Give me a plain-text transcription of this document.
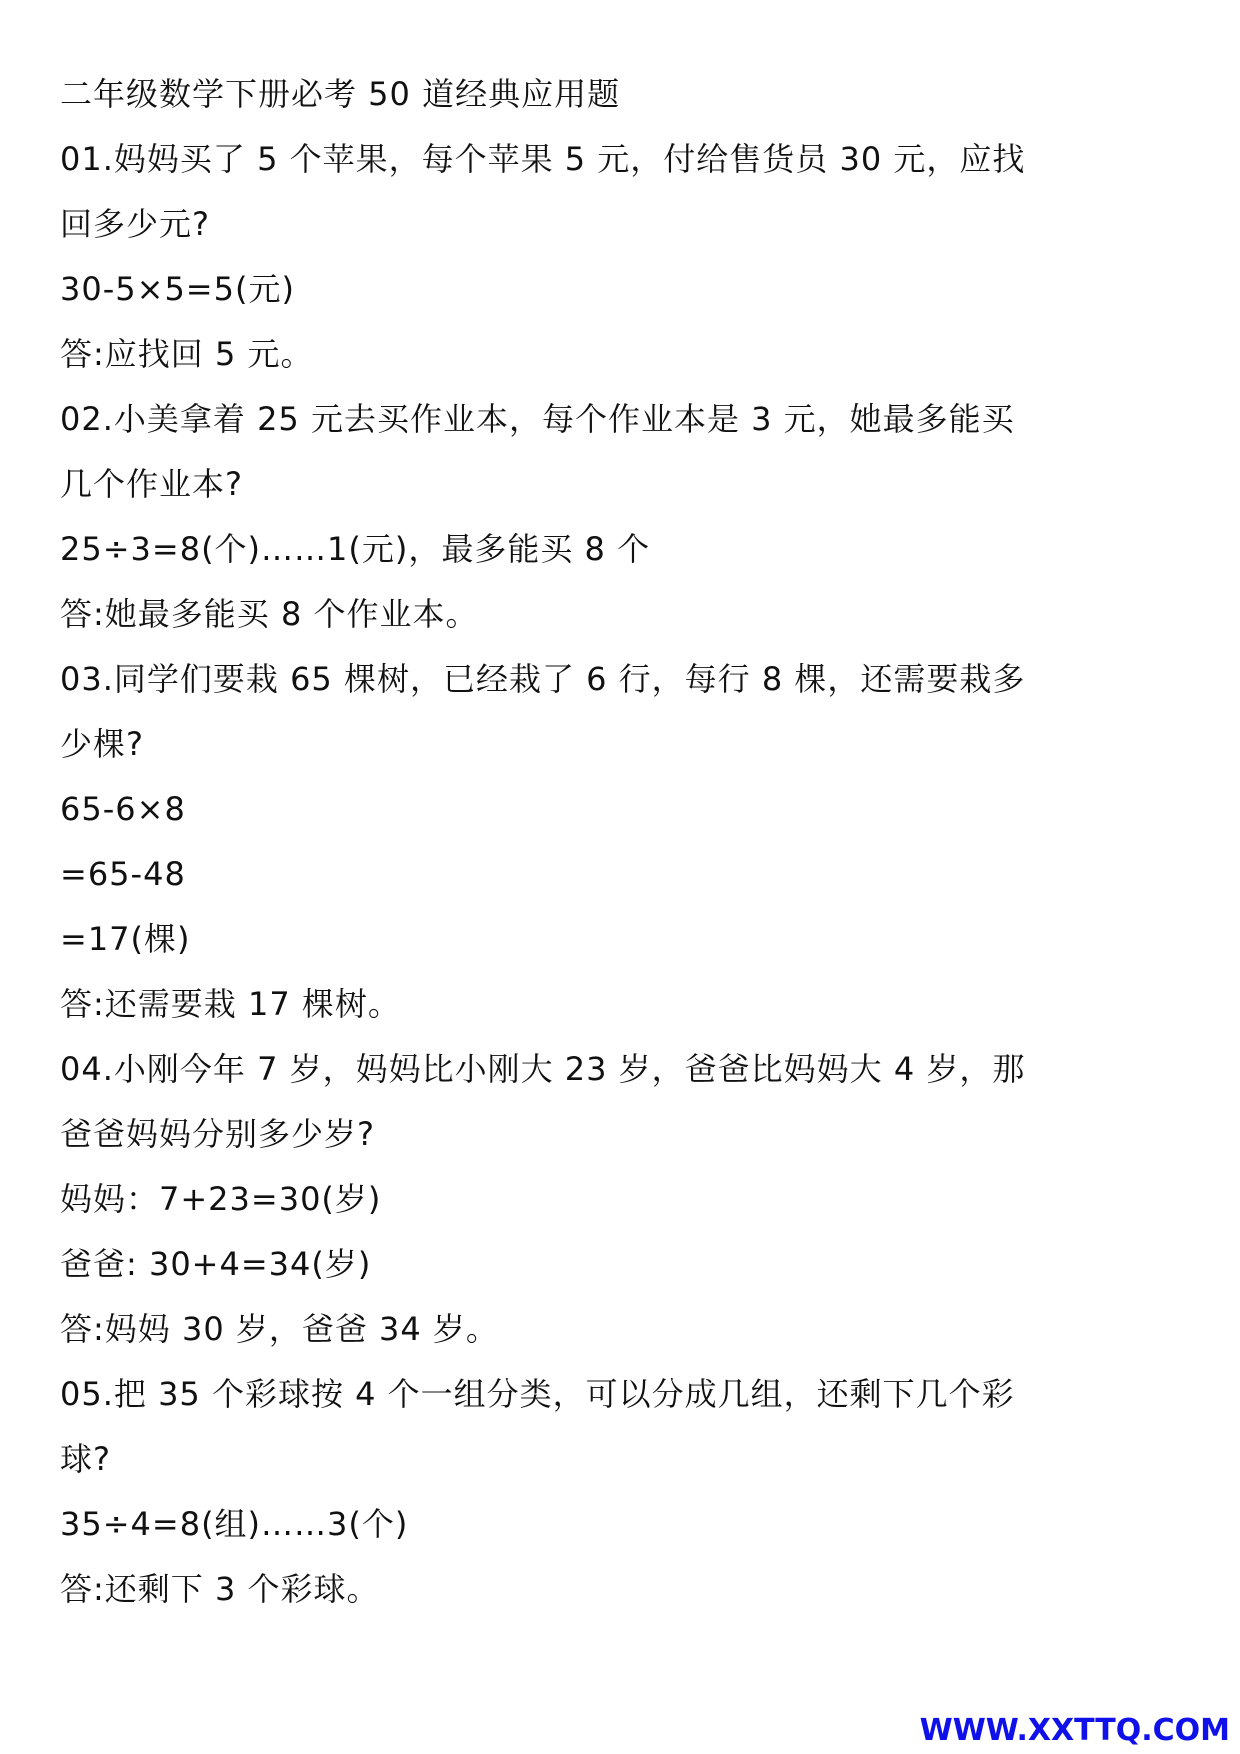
二年级数学下册必考 50 道经典应用题
01.妈妈买了 5 个苹果，每个苹果 5 元，付给售货员 30 元，应找
回多少元?
30-5×5=5(元)
答:应找回 5 元。
02.小美拿着 25 元去买作业本，每个作业本是 3 元，她最多能买
几个作业本?
25÷3=8(个)……1(元)，最多能买 8 个
答:她最多能买 8 个作业本。
03.同学们要栽 65 棵树，已经栽了 6 行，每行 8 棵，还需要栽多
少棵?
65-6×8
=65-48
=17(棵)
答:还需要栽 17 棵树。
04.小刚今年 7 岁，妈妈比小刚大 23 岁，爸爸比妈妈大 4 岁，那
爸爸妈妈分别多少岁?
妈妈：7+23=30(岁)
爸爸: 30+4=34(岁)
答:妈妈 30 岁，爸爸 34 岁。
05.把 35 个彩球按 4 个一组分类，可以分成几组，还剩下几个彩
球?
35÷4=8(组)……3(个)
答:还剩下 3 个彩球。
WWW.XXTTQ.COM
